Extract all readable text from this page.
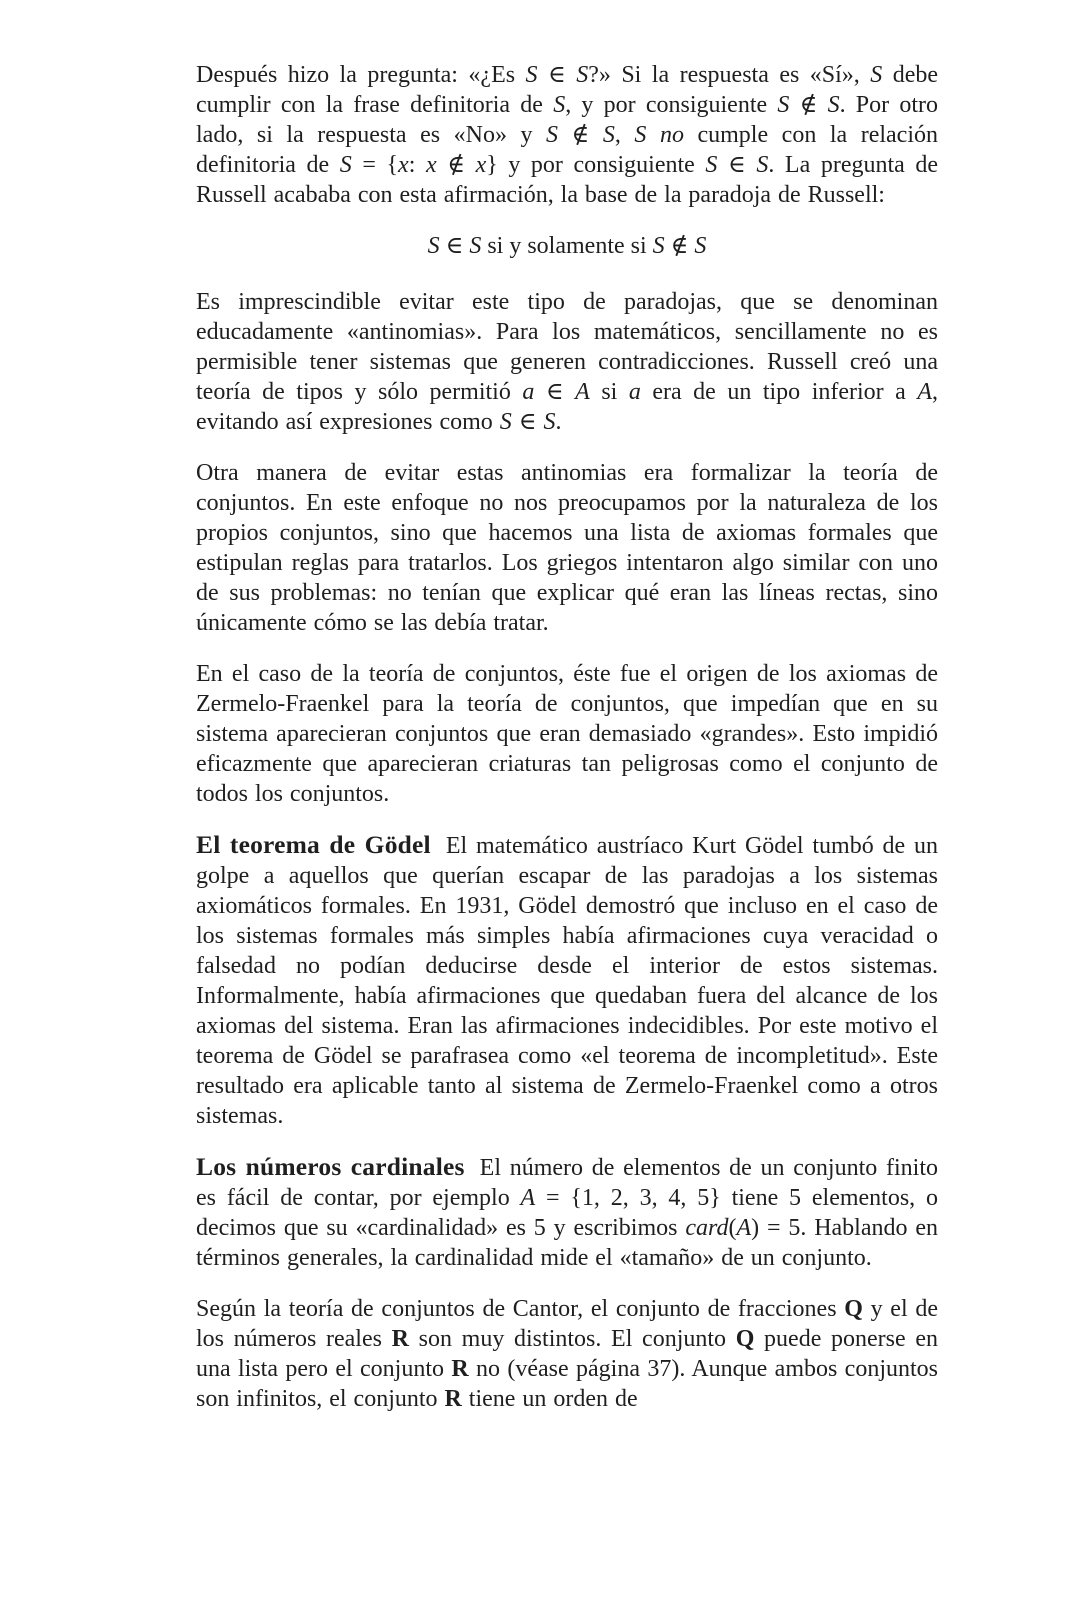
Después hizo la pregunta: «¿Es S ∈ S?» Si la respuesta es «Sí», S debe cumplir con la frase definitoria de S, y por consiguiente S ∉ S. Por otro lado, si la respuesta es «No» y S ∉ S, S no cumple con la relación definitoria de S = {x: x ∉ x} y por consiguiente S ∈ S. La pregunta de Russell acababa con esta afirmación, la base de la paradoja de Russell:

S ∈ S si y solamente si S ∉ S

Es imprescindible evitar este tipo de paradojas, que se denominan educadamente «antinomias». Para los matemáticos, sencillamente no es permisible tener sistemas que generen contradicciones. Russell creó una teoría de tipos y sólo permitió a ∈ A si a era de un tipo inferior a A, evitando así expresiones como S ∈ S.

Otra manera de evitar estas antinomias era formalizar la teoría de conjuntos. En este enfoque no nos preocupamos por la naturaleza de los propios conjuntos, sino que hacemos una lista de axiomas formales que estipulan reglas para tratarlos. Los griegos intentaron algo similar con uno de sus problemas: no tenían que explicar qué eran las líneas rectas, sino únicamente cómo se las debía tratar.

En el caso de la teoría de conjuntos, éste fue el origen de los axiomas de Zermelo-Fraenkel para la teoría de conjuntos, que impedían que en su sistema aparecieran conjuntos que eran demasiado «grandes». Esto impidió eficazmente que aparecieran criaturas tan peligrosas como el conjunto de todos los conjuntos.

El teorema de Gödel El matemático austríaco Kurt Gödel tumbó de un golpe a aquellos que querían escapar de las paradojas a los sistemas axiomáticos formales. En 1931, Gödel demostró que incluso en el caso de los sistemas formales más simples había afirmaciones cuya veracidad o falsedad no podían deducirse desde el interior de estos sistemas. Informalmente, había afirmaciones que quedaban fuera del alcance de los axiomas del sistema. Eran las afirmaciones indecidibles. Por este motivo el teorema de Gödel se parafrasea como «el teorema de incompletitud». Este resultado era aplicable tanto al sistema de Zermelo-Fraenkel como a otros sistemas.

Los números cardinales El número de elementos de un conjunto finito es fácil de contar, por ejemplo A = {1, 2, 3, 4, 5} tiene 5 elementos, o decimos que su «cardinalidad» es 5 y escribimos card(A) = 5. Hablando en términos generales, la cardinalidad mide el «tamaño» de un conjunto.

Según la teoría de conjuntos de Cantor, el conjunto de fracciones Q y el de los números reales R son muy distintos. El conjunto Q puede ponerse en una lista pero el conjunto R no (véase página 37). Aunque ambos conjuntos son infinitos, el conjunto R tiene un orden de
